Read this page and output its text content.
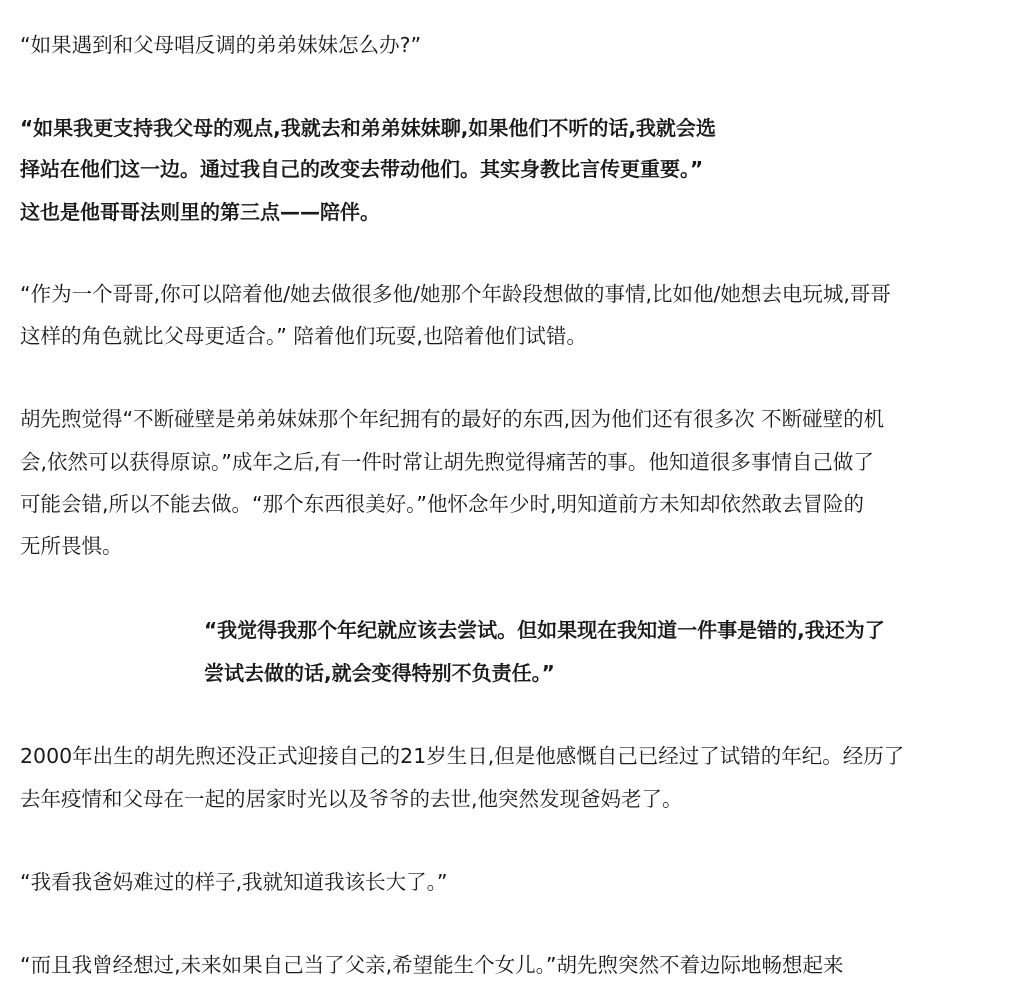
“如果遇到和父母唱反调的弟弟妹妹怎么办?”
“如果我更支持我父母的观点,我就去和弟弟妹妹聊,如果他们不听的话,我就会选
择站在他们这一边。通过我自己的改变去带动他们。其实身教比言传更重要。”
这也是他哥哥法则里的第三点——陪伴。
“作为一个哥哥,你可以陪着他/她去做很多他/她那个年龄段想做的事情,比如他/她想去电玩城,哥哥
这样的角色就比父母更适合。” 陪着他们玩耍,也陪着他们试错。
胡先煦觉得“不断碰壁是弟弟妹妹那个年纪拥有的最好的东西,因为他们还有很多次 不断碰壁的机
会,依然可以获得原谅。”成年之后,有一件时常让胡先煦觉得痛苦的事。他知道很多事情自己做了
可能会错,所以不能去做。“那个东西很美好。”他怀念年少时,明知道前方未知却依然敢去冒险的
无所畏惧。
“我觉得我那个年纪就应该去尝试。但如果现在我知道一件事是错的,我还为了
尝试去做的话,就会变得特别不负责任。”
2000年出生的胡先煦还没正式迎接自己的21岁生日,但是他感慨自己已经过了试错的年纪。经历了
去年疫情和父母在一起的居家时光以及爷爷的去世,他突然发现爸妈老了。
“我看我爸妈难过的样子,我就知道我该长大了。”
“而且我曾经想过,未来如果自己当了父亲,希望能生个女儿。”胡先煦突然不着边际地畅想起来
